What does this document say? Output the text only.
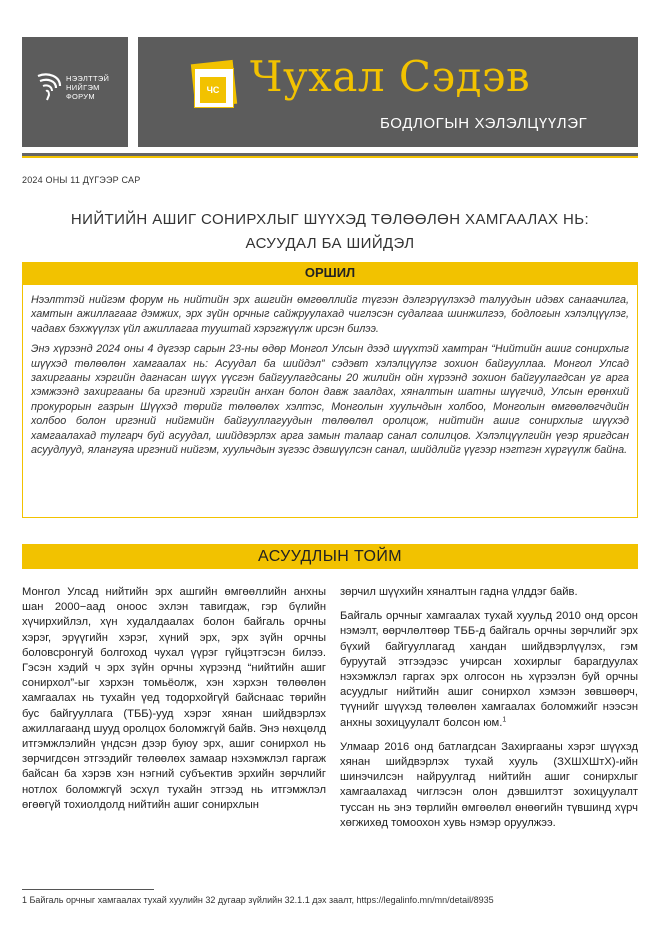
НЭЭЛТТЭЙ
НИЙГЭМ
ФОРУМ
ЧС Чухал Сэдэв
БОДЛОГЫН ХЭЛЭЛЦҮҮЛЭГ
2024 ОНЫ 11 ДҮГЭЭР САР
НИЙТИЙН АШИГ СОНИРХЛЫГ ШҮҮХЭД ТӨЛӨӨЛӨН ХАМГААЛАХ НЬ:
АСУУДАЛ БА ШИЙДЭЛ
ОРШИЛ

Нээлттэй нийгэм форум нь нийтийн эрх ашгийн өмгөөллийг түгээн дэлгэрүүлэхэд талуудын идэвх санаачилга, хамтын ажиллагааг дэмжих, эрх зүйн орчныг сайжруулахад чиглэсэн судалгаа шинжилгээ, бодлогын хэлэлцүүлэг, чадавх бэхжүүлэх үйл ажиллагаа тууштай хэрэгжүүлж ирсэн билээ.

Энэ хүрээнд 2024 оны 4 дүгээр сарын 23-ны өдөр Монгол Улсын дээд шүүхтэй хамтран “Нийтийн ашиг сонирхлыг шүүхэд төлөөлөн хамгаалах нь: Асуудал ба шийдэл” сэдэвт хэлэлцүүлэг зохион байгууллаа. Монгол Улсад захиргааны хэргийн дагнасан шүүх үүсгэн байгуулагдсаны 20 жилийн ойн хүрээнд зохион байгуулагдсан уг арга хэмжээнд захиргааны ба иргэний хэргийн анхан болон давж заалдах, хяналтын шатны шүүгчид, Улсын ерөнхий прокурорын газрын Шүүхэд төрийг төлөөлөх хэлтэс, Монголын хуульчдын холбоо, Монголын өмгөөлөгчдийн холбоо болон иргэний нийгмийн байгууллагуудын төлөөлөл оролцож, нийтийн ашиг сонирхлыг шүүхэд хамгаалахад тулгарч буй асуудал, шийдвэрлэх арга замын талаар санал солилцов. Хэлэлцүүлгийн үеэр яригдсан асуудлууд, ялангуяа иргэний нийгэм, хуульчдын зүгээс дэвшүүлсэн санал, шийдлийг үүгээр нэгтгэн хүргүүлж байна.

АСУУДЛЫН ТОЙМ

Монгол Улсад нийтийн эрх ашгийн өмгөөллийн анхны шан 2000−аад оноос эхлэн тавигдаж, гэр бүлийн хүчирхийлэл, хүн худалдаалах болон байгаль орчны хэрэг, эрүүгийн хэрэг, хүний эрх, эрх зүйн орчны боловсронгуй болгоход чухал үүрэг гүйцэтгэсэн билээ. Гэсэн хэдий ч эрх зүйн орчны хүрээнд “нийтийн ашиг сонирхол”-ыг хэрхэн томьёолж, хэн хэрхэн төлөөлөн хамгаалах нь тухайн үед тодорхойгүй байснаас төрийн бус байгууллага (ТББ)-ууд хэрэг хянан шийдвэрлэх ажиллагаанд шууд оролцох боломжгүй байв. Энэ нөхцөлд итгэмжлэлийн үндсэн дээр буюу эрх, ашиг сонирхол нь зөрчигдсөн этгээдийг төлөөлөх замаар нэхэмжлэл гаргаж байсан ба хэрэв хэн нэгний субъектив эрхийн зөрчлийг нотлох боломжгүй эсхүл тухайн этгээд нь итгэмжлэл өгөөгүй тохиолдолд нийтийн ашиг сонирхлын

зөрчил шүүхийн хяналтын гадна үлддэг байв.

Байгаль орчныг хамгаалах тухай хуульд 2010 онд орсон нэмэлт, өөрчлөлтөөр ТББ-д байгаль орчны зөрчлийг эрх бүхий байгууллагад хандан шийдвэрлүүлэх, гэм буруутай этгээдээс учирсан хохирлыг барагдуулах нэхэмжлэл гаргах эрх олгосон нь хүрээлэн буй орчны асуудлыг нийтийн ашиг сонирхол хэмээн зөвшөөрч, түүнийг шүүхэд төлөөлөн хамгаалах боломжийг нээсэн анхны зохицуулалт болсон юм.$^1$

Улмаар 2016 онд батлагдсан Захиргааны хэрэг шүүхэд хянан шийдвэрлэх тухай хууль (ЗХШХШтХ)-ийн шинэчилсэн найруулгад нийтийн ашиг сонирхлыг хамгаалахад чиглэсэн олон дэвшилтэт зохицуулалт туссан нь энэ төрлийн өмгөөлөл өнөөгийн түвшинд хүрч хөгжихөд томоохон хувь нэмэр оруулжээ.

1 Байгаль орчныг хамгаалах тухай хуулийн 32 дугаар зүйлийн 32.1.1 дэх заалт, https://legalinfo.mn/mn/detail/8935
